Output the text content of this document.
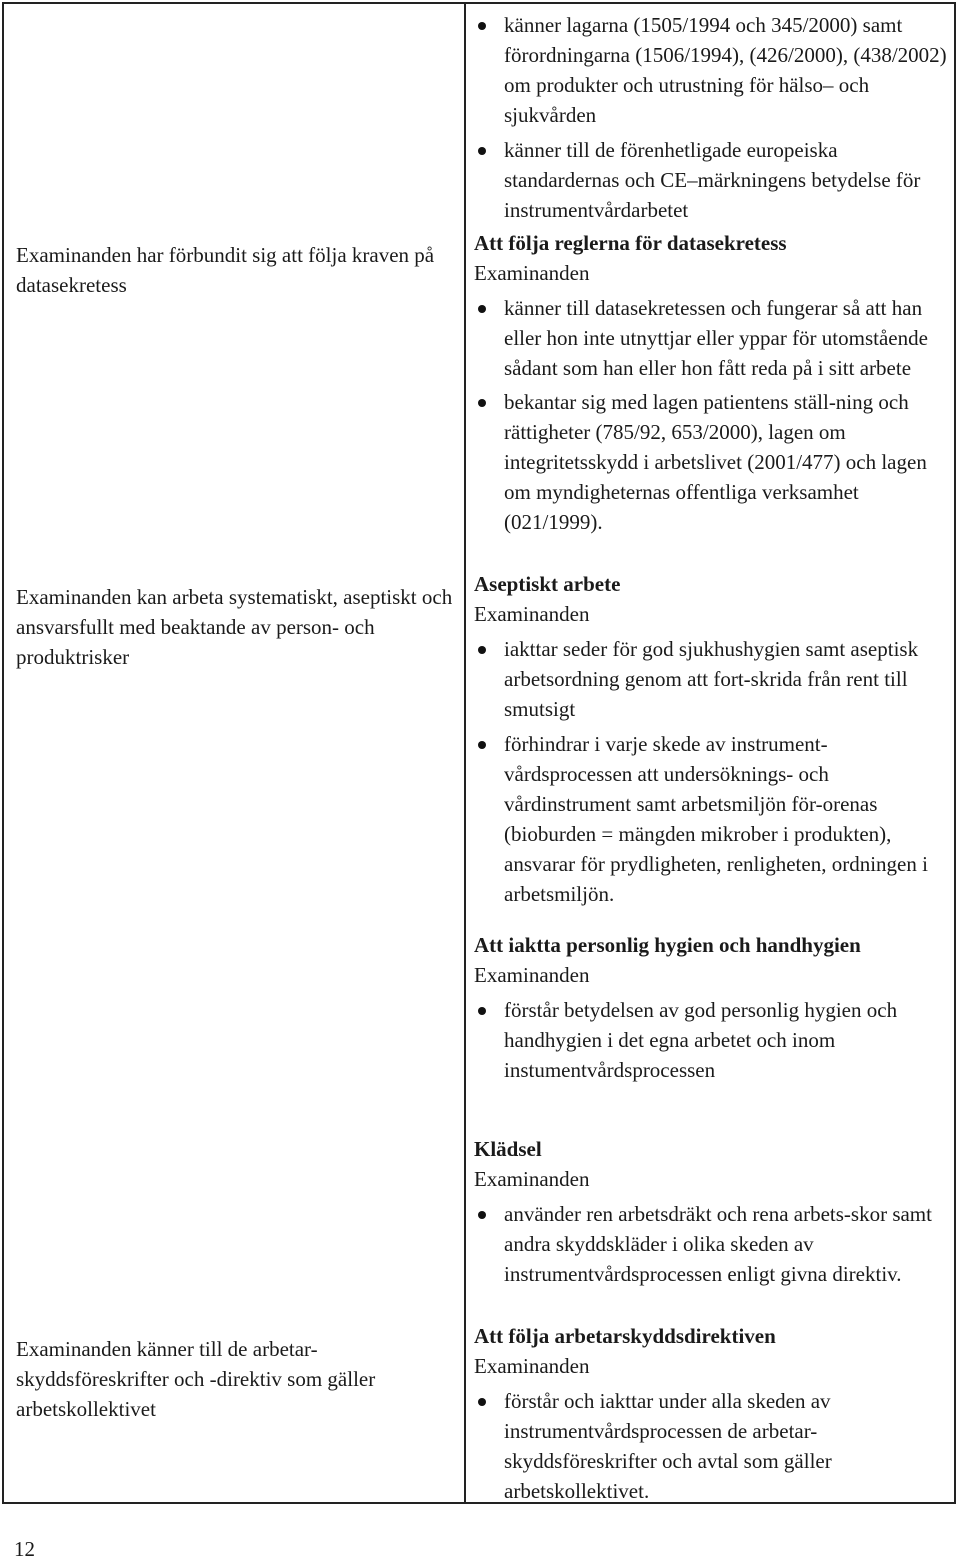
Examinanden har förbundit sig att följa kraven på datasekretess
Examinanden kan arbeta systematiskt, aseptiskt och ansvarsfullt med beaktande av person- och produktrisker
Examinanden känner till de arbetar-skyddsföreskrifter och -direktiv som gäller arbetskollektivet
känner lagarna (1505/1994 och 345/2000) samt förordningarna (1506/1994), (426/2000), (438/2002) om produkter och utrustning för hälso– och sjukvården
känner till de förenhetligade europeiska standardernas och CE–märkningens betydelse för instrumentvårdarbetet
Att följa reglerna för datasekretess
Examinanden
känner till datasekretessen och fungerar så att han eller hon inte utnyttjar eller yppar för utomstående sådant som han eller hon fått reda på i sitt arbete
bekantar sig med lagen patientens ställ-ning och rättigheter (785/92, 653/2000), lagen om integritetsskydd i arbetslivet (2001/477) och lagen om myndigheternas offentliga verksamhet (021/1999).
Aseptiskt arbete
Examinanden
iakttar seder för god sjukhushygien samt aseptisk arbetsordning genom att fort-skrida från rent till smutsigt
förhindrar i varje skede av instrument-vårdsprocessen att undersöknings- och vårdinstrument samt arbetsmiljön för-orenas (bioburden = mängden mikrober i produkten), ansvarar för prydligheten, renligheten, ordningen i arbetsmiljön.
Att iaktta personlig hygien och handhygien
Examinanden
förstår betydelsen av god personlig hygien och handhygien i det egna arbetet och inom instumentvårdsprocessen
Klädsel
Examinanden
använder ren arbetsdräkt och rena arbets-skor samt andra skyddskläder i olika skeden av instrumentvårdsprocessen enligt givna direktiv.
Att följa arbetarskyddsdirektiven
Examinanden
förstår och iakttar under alla skeden av instrumentvårdsprocessen de arbetar-skyddsföreskrifter och avtal som gäller arbetskollektivet.
12
